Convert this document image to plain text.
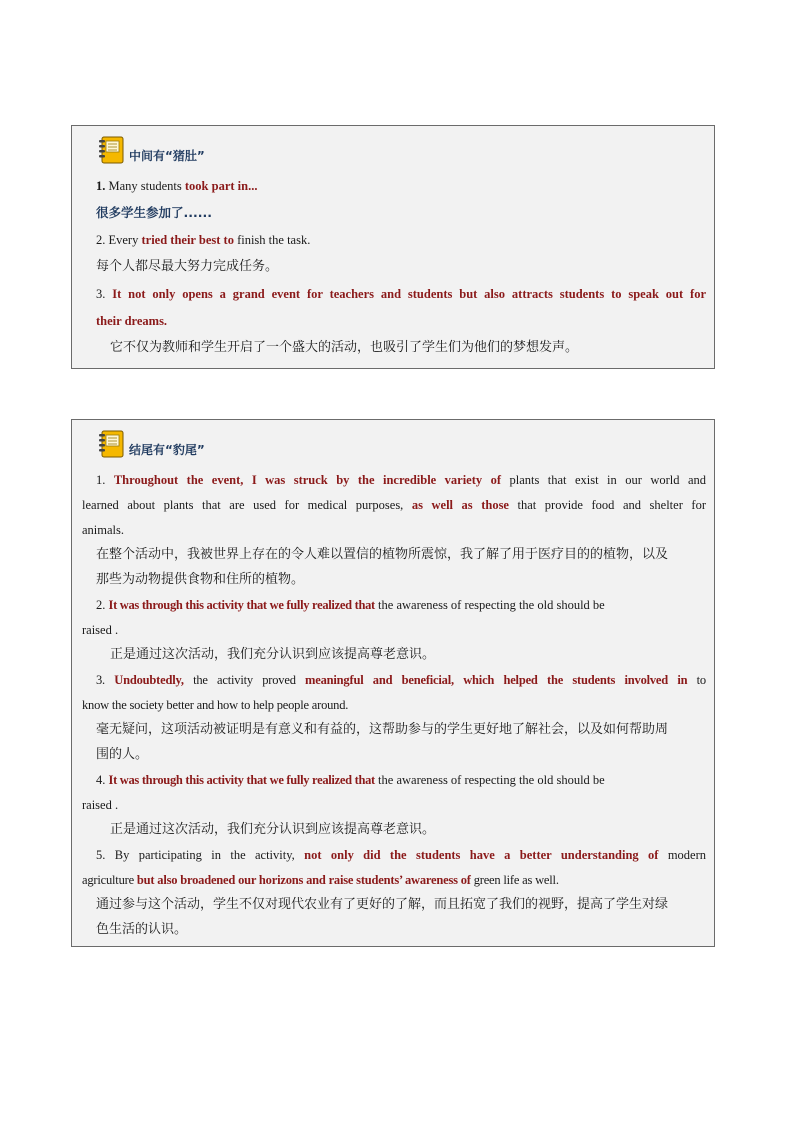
中间有“猪肚”
1. Many students took part in...
很多学生参加了......
2. Every tried their best to finish the task.
每个人都尽最大努力完成任务。
3. It not only opens a grand event for teachers and students but also attracts students to speak out for
their dreams.
它不仅为教师和学生开启了一个盛大的活动，也吸引了学生们为他们的梦想发声。
结尾有“豹尾”
1. Throughout the event, I was struck by the incredible variety of plants that exist in our world and
learned about plants that are used for medical purposes, as well as those that provide food and shelter for
animals.
在整个活动中，我被世界上存在的令人难以置信的植物所震惊，我了解了用于医疗目的的植物，以及
那些为动物提供食物和住所的植物。
2. It was through this activity that we fully realized that the awareness of respecting the old should be
raised .
正是通过这次活动，我们充分认识到应该提高尊老意识。
3. Undoubtedly, the activity proved meaningful and beneficial, which helped the students involved in to
know the society better and how to help people around.
毫无疑问，这项活动被证明是有意义和有益的，这帮助参与的学生更好地了解社会，以及如何帮助周
围的人。
4. It was through this activity that we fully realized that the awareness of respecting the old should be
raised .
正是通过这次活动，我们充分认识到应该提高尊老意识。
5. By participating in the activity, not only did the students have a better understanding of modern
agriculture but also broadened our horizons and raise students’ awareness of green life as well.
通过参与这个活动，学生不仅对现代农业有了更好的了解，而且拓宽了我们的视野，提高了学生对绿
色生活的认识。
